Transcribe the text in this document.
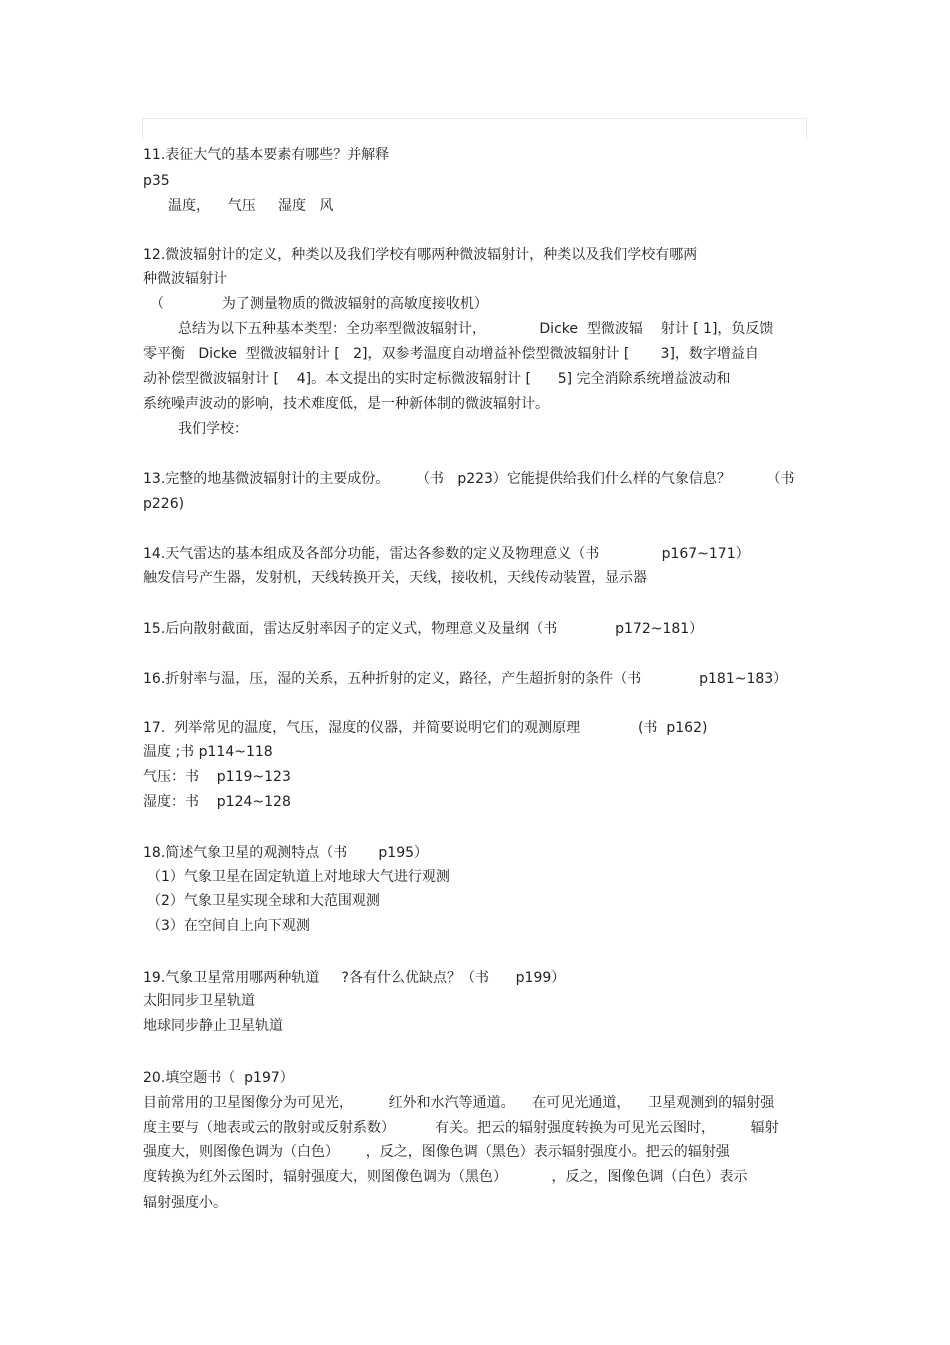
11.表征大气的基本要素有哪些？并解释
p35
温度，    气压     湿度   风
12.微波辐射计的定义，种类以及我们学校有哪两种微波辐射计，种类以及我们学校有哪两
种微波辐射计
（             为了测量物质的微波辐射的高敏度接收机）
总结为以下五种基本类型：全功率型微波辐射计，            Dicke  型微波辐    射计 [ 1]，负反馈
零平衡   Dicke  型微波辐射计 [   2]，双参考温度自动增益补偿型微波辐射计 [       3]，数字增益自
动补偿型微波辐射计 [    4]。本文提出的实时定标微波辐射计 [      5] 完全消除系统增益波动和
系统噪声波动的影响，技术难度低，是一种新体制的微波辐射计。
我们学校：
13.完整的地基微波辐射计的主要成份。      （书   p223）它能提供给我们什么样的气象信息？        （书
p226)
14.天气雷达的基本组成及各部分功能，雷达各参数的定义及物理意义（书              p167~171）
触发信号产生器，发射机，天线转换开关，天线，接收机，天线传动装置，显示器
15.后向散射截面，雷达反射率因子的定义式，物理意义及量纲（书             p172~181）
16.折射率与温，压，湿的关系，五种折射的定义，路径，产生超折射的条件（书             p181~183）
17.  列举常见的温度，气压，湿度的仪器，并简要说明它们的观测原理             (书  p162)
温度 ;书 p114~118
气压：书    p119~123
湿度：书    p124~128
18.简述气象卫星的观测特点（书       p195）
（1）气象卫星在固定轨道上对地球大气进行观测
（2）气象卫星实现全球和大范围观测
（3）在空间自上向下观测
19.气象卫星常用哪两种轨道     ?各有什么优缺点？（书      p199）
太阳同步卫星轨道
地球同步静止卫星轨道
20.填空题书（  p197）
目前常用的卫星图像分为可见光，        红外和水汽等通道。    在可见光通道，    卫星观测到的辐射强
度主要与（地表或云的散射或反射系数）         有关。把云的辐射强度转换为可见光云图时，        辐射
强度大，则图像色调为（白色）      ，反之，图像色调（黑色）表示辐射强度小。把云的辐射强
度转换为红外云图时，辐射强度大，则图像色调为（黑色）          ，反之，图像色调（白色）表示
辐射强度小。
